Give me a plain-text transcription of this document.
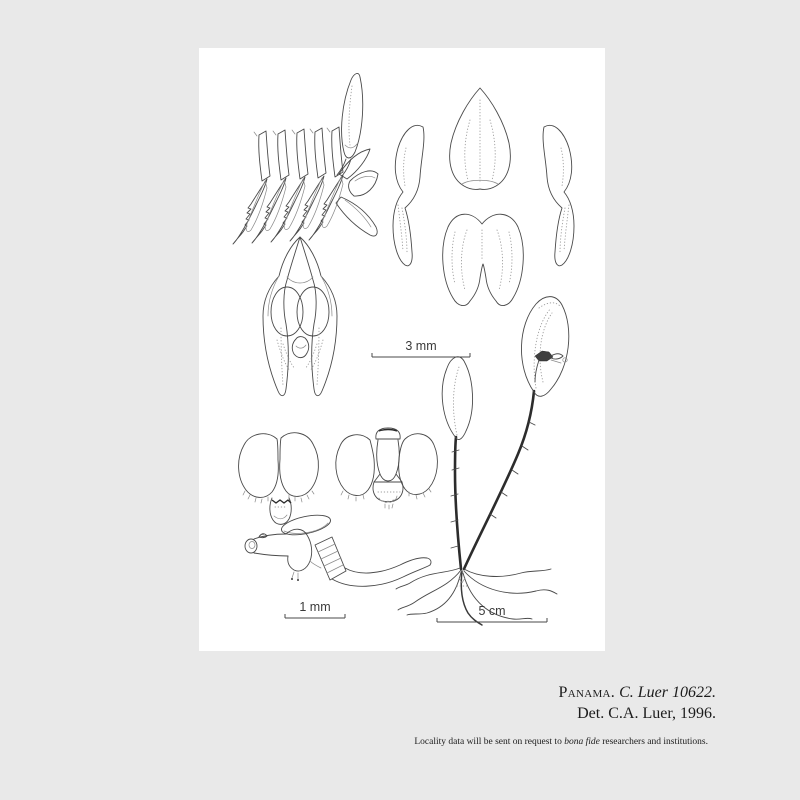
3 mm
1 mm	5 cm
Panama. C. Luer 10622.
Det. C.A. Luer, 1996.
Locality data will be sent on request to bona fide researchers and institutions.
